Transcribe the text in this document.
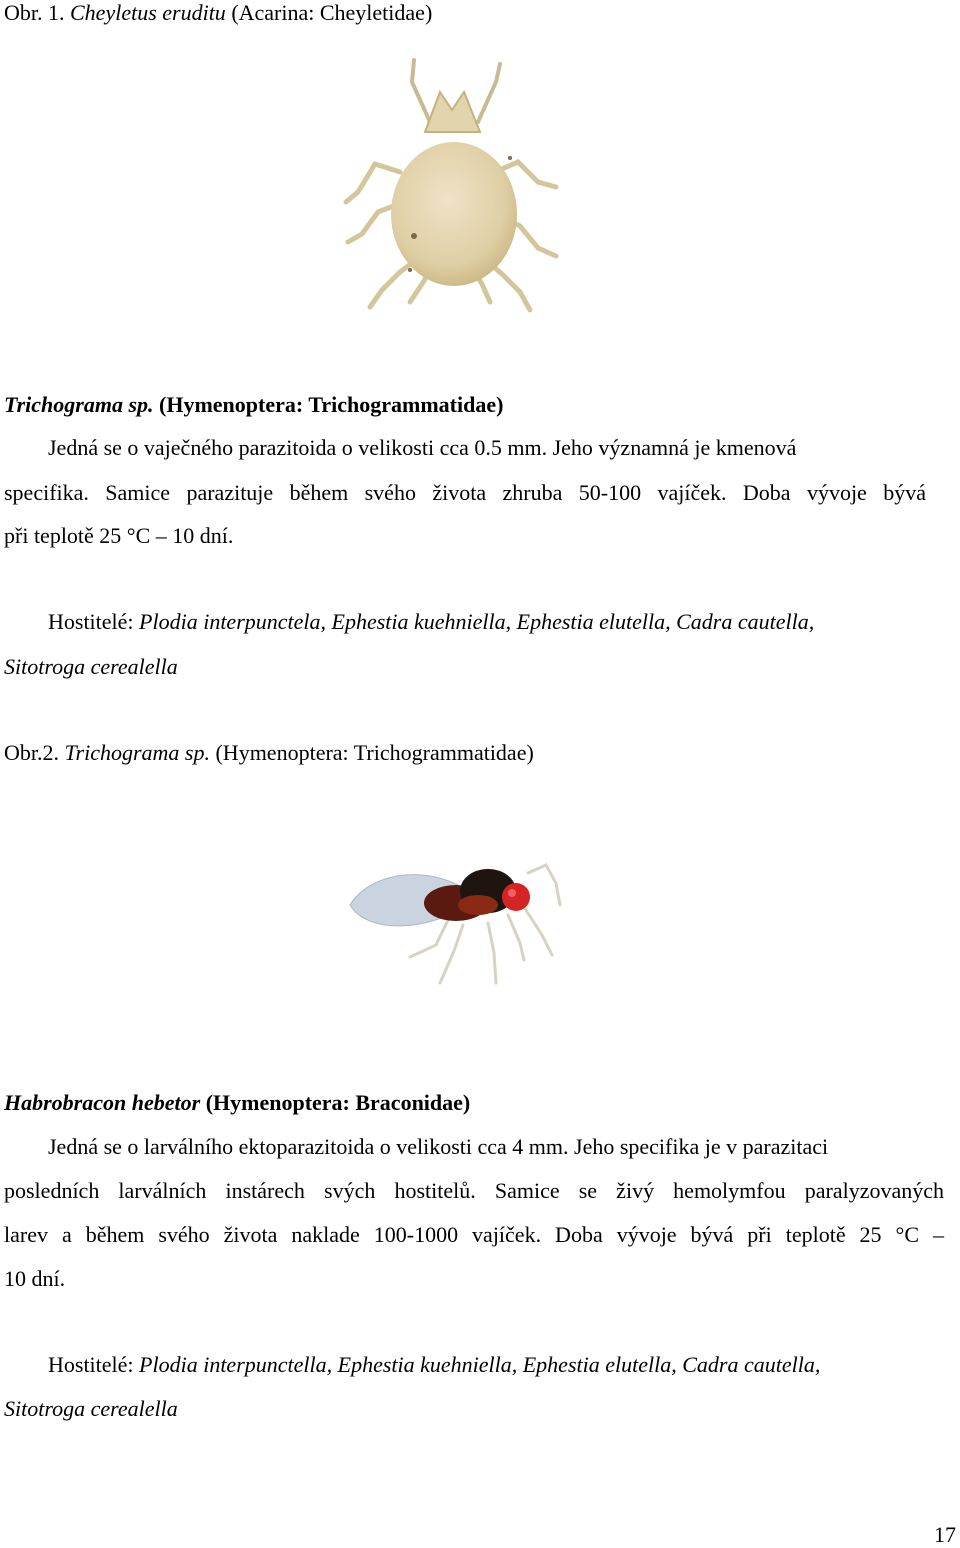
Obr. 1. Cheyletus eruditu (Acarina: Cheyletidae)
Trichograma sp. (Hymenoptera: Trichogrammatidae)
Jedná se o vaječného parazitoida o velikosti cca 0.5 mm. Jeho významná je kmenová
specifika. Samice parazituje během svého života zhruba 50-100 vajíček. Doba vývoje bývá
při teplotě 25 °C – 10 dní.
Hostitelé: Plodia interpunctela, Ephestia kuehniella, Ephestia elutella, Cadra cautella,
Sitotroga cerealella
Obr.2. Trichograma sp. (Hymenoptera: Trichogrammatidae)
Habrobracon hebetor (Hymenoptera: Braconidae)
Jedná se o larválního ektoparazitoida o velikosti cca 4 mm. Jeho specifika je v parazitaci
posledních larválních instárech svých hostitelů. Samice se živý hemolymfou paralyzovaných
larev a během svého života naklade 100-1000 vajíček. Doba vývoje bývá při teplotě 25 °C –
10 dní.
Hostitelé: Plodia interpunctella, Ephestia kuehniella, Ephestia elutella, Cadra cautella,
Sitotroga cerealella
17
